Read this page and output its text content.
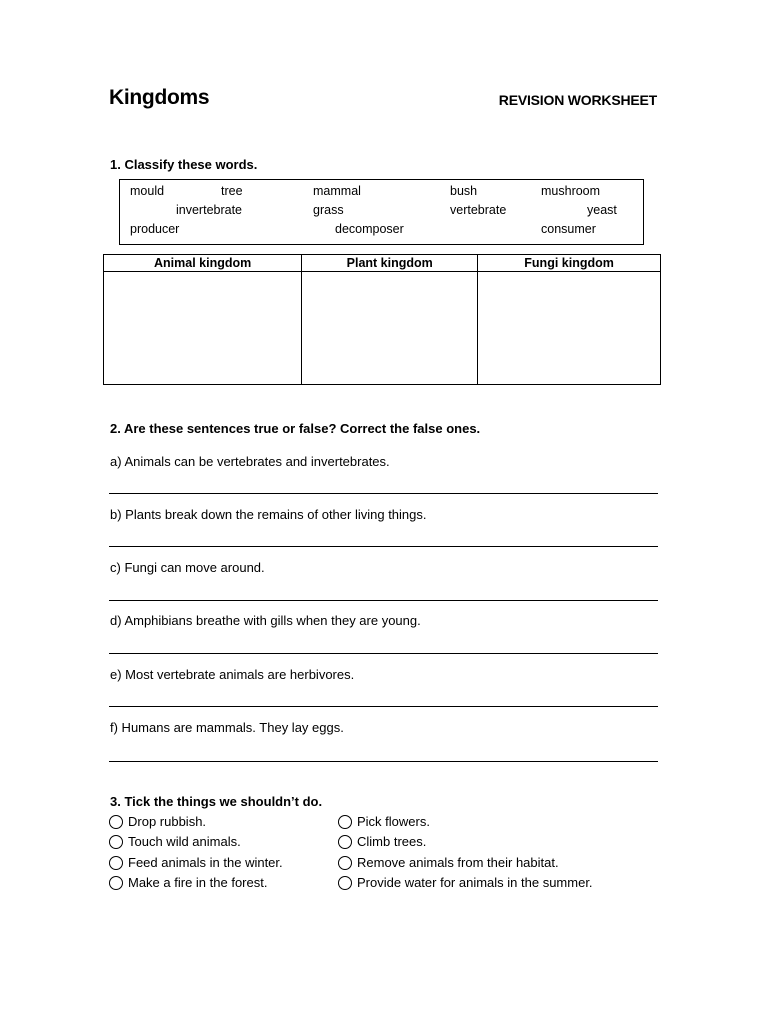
Kingdoms	REVISION WORKSHEET
1. Classify these words.
mould	tree	mammal	bush	mushroom
invertebrate	grass	vertebrate	yeast
producer	decomposer	consumer
Animal kingdom	Plant kingdom	Fungi kingdom

2. Are these sentences true or false? Correct the false ones.
a) Animals can be vertebrates and invertebrates.
b) Plants break down the remains of other living things.
c) Fungi can move around.
d) Amphibians breathe with gills when they are young.
e) Most vertebrate animals are herbivores.
f) Humans are mammals. They lay eggs.
3. Tick the things we shouldn’t do.
Drop rubbish.	Pick flowers.
Touch wild animals.	Climb trees.
Feed animals in the winter.	Remove animals from their habitat.
Make a fire in the forest.	Provide water for animals in the summer.
